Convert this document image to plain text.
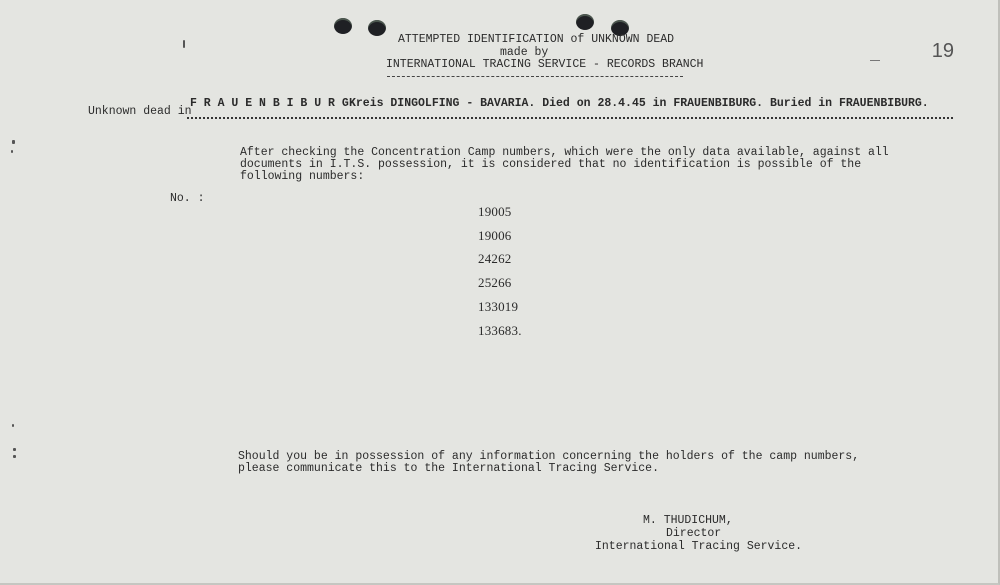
ATTEMPTED IDENTIFICATION of UNKNOWN DEAD
made by
INTERNATIONAL TRACING SERVICE - RECORDS BRANCH
19
Unknown dead in
F R A U E N B I B U R G Kreis DINGOLFING - BAVARIA. Died on 28.4.45 in FRAUENBIBURG. Buried in FRAUENBIBURG.
After checking the Concentration Camp numbers, which were the only data available, against all
documents in I.T.S. possession, it is considered that no identification is possible of the
following numbers:
No. :
19005
19006
24262
25266
133019
133683.
Should you be in possession of any information concerning the holders of the camp numbers,
please communicate this to the International Tracing Service.
M. THUDICHUM,
Director
International Tracing Service.
